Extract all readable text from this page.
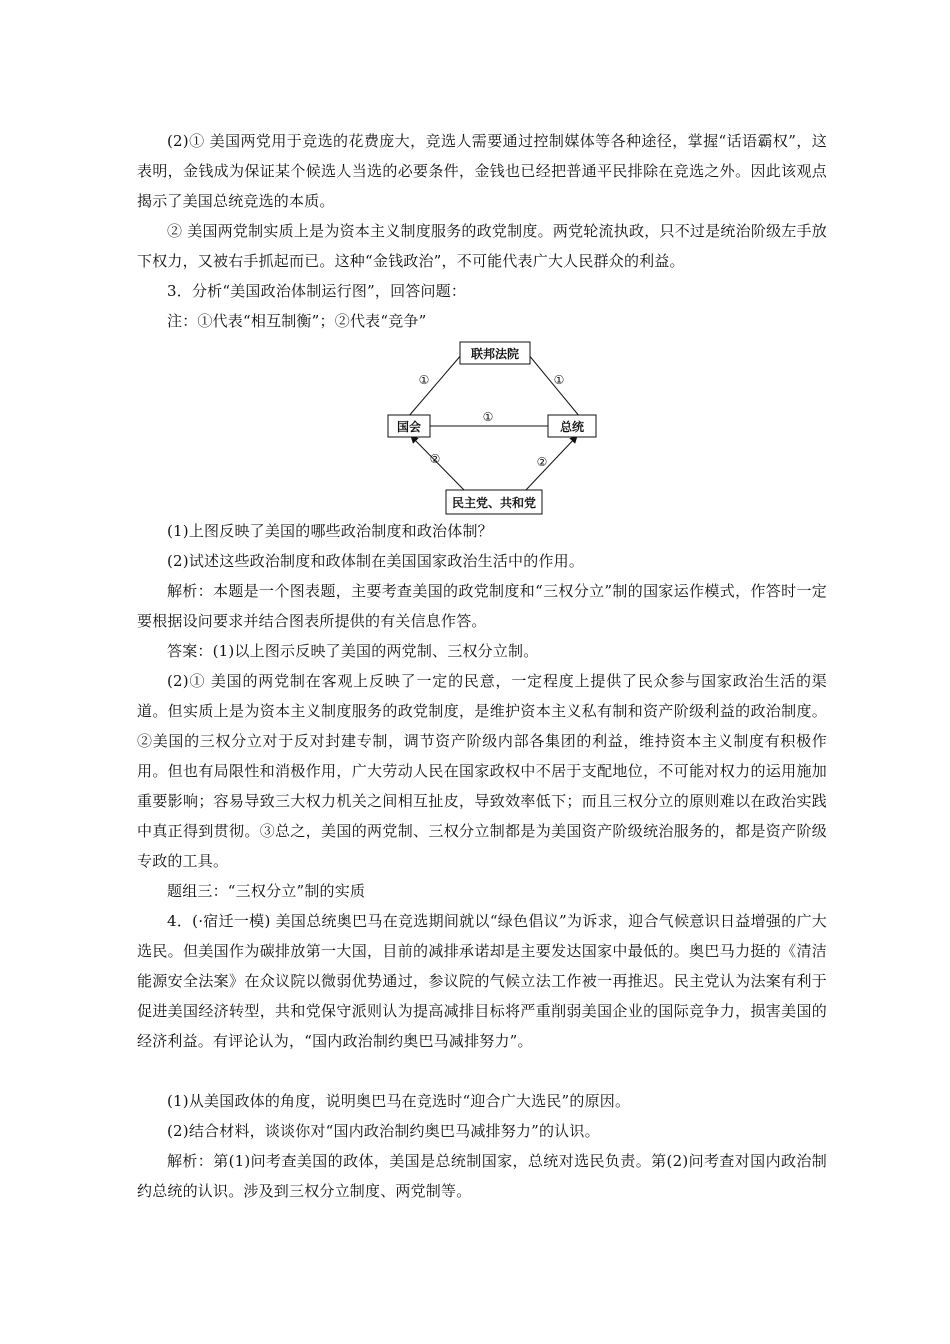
(2)① 美国两党用于竞选的花费庞大，竞选人需要通过控制媒体等各种途径，掌握“话语霸权”，这表明，金钱成为保证某个候选人当选的必要条件，金钱也已经把普通平民排除在竞选之外。因此该观点揭示了美国总统竞选的本质。

② 美国两党制实质上是为资本主义制度服务的政党制度。两党轮流执政，只不过是统治阶级左手放下权力，又被右手抓起而已。这种“金钱政治”，不可能代表广大人民群众的利益。

3．分析“美国政治体制运行图”，回答问题：

注：①代表“相互制衡”；②代表“竞争”

联邦法院
国会	总统
民主党、共和党
①	①
①
②	②

(1)上图反映了美国的哪些政治制度和政治体制？

(2)试述这些政治制度和政体制在美国国家政治生活中的作用。

解析：本题是一个图表题，主要考查美国的政党制度和“三权分立”制的国家运作模式，作答时一定要根据设问要求并结合图表所提供的有关信息作答。

答案：(1)以上图示反映了美国的两党制、三权分立制。

(2)① 美国的两党制在客观上反映了一定的民意，一定程度上提供了民众参与国家政治生活的渠道。但实质上是为资本主义制度服务的政党制度，是维护资本主义私有制和资产阶级利益的政治制度。②美国的三权分立对于反对封建专制，调节资产阶级内部各集团的利益，维持资本主义制度有积极作用。但也有局限性和消极作用，广大劳动人民在国家政权中不居于支配地位，不可能对权力的运用施加重要影响；容易导致三大权力机关之间相互扯皮，导致效率低下；而且三权分立的原则难以在政治实践中真正得到贯彻。③总之，美国的两党制、三权分立制都是为美国资产阶级统治服务的，都是资产阶级专政的工具。

题组三：“三权分立”制的实质

4．(·宿迁一模) 美国总统奥巴马在竞选期间就以“绿色倡议”为诉求，迎合气候意识日益增强的广大选民。但美国作为碳排放第一大国，目前的减排承诺却是主要发达国家中最低的。奥巴马力挺的《清洁能源安全法案》在众议院以微弱优势通过，参议院的气候立法工作被一再推迟。民主党认为法案有利于促进美国经济转型，共和党保守派则认为提高减排目标将严重削弱美国企业的国际竞争力，损害美国的经济利益。有评论认为，“国内政治制约奥巴马减排努力”。

(1)从美国政体的角度，说明奥巴马在竞选时“迎合广大选民”的原因。

(2)结合材料，谈谈你对“国内政治制约奥巴马减排努力”的认识。

解析：第(1)问考查美国的政体，美国是总统制国家，总统对选民负责。第(2)问考查对国内政治制约总统的认识。涉及到三权分立制度、两党制等。
